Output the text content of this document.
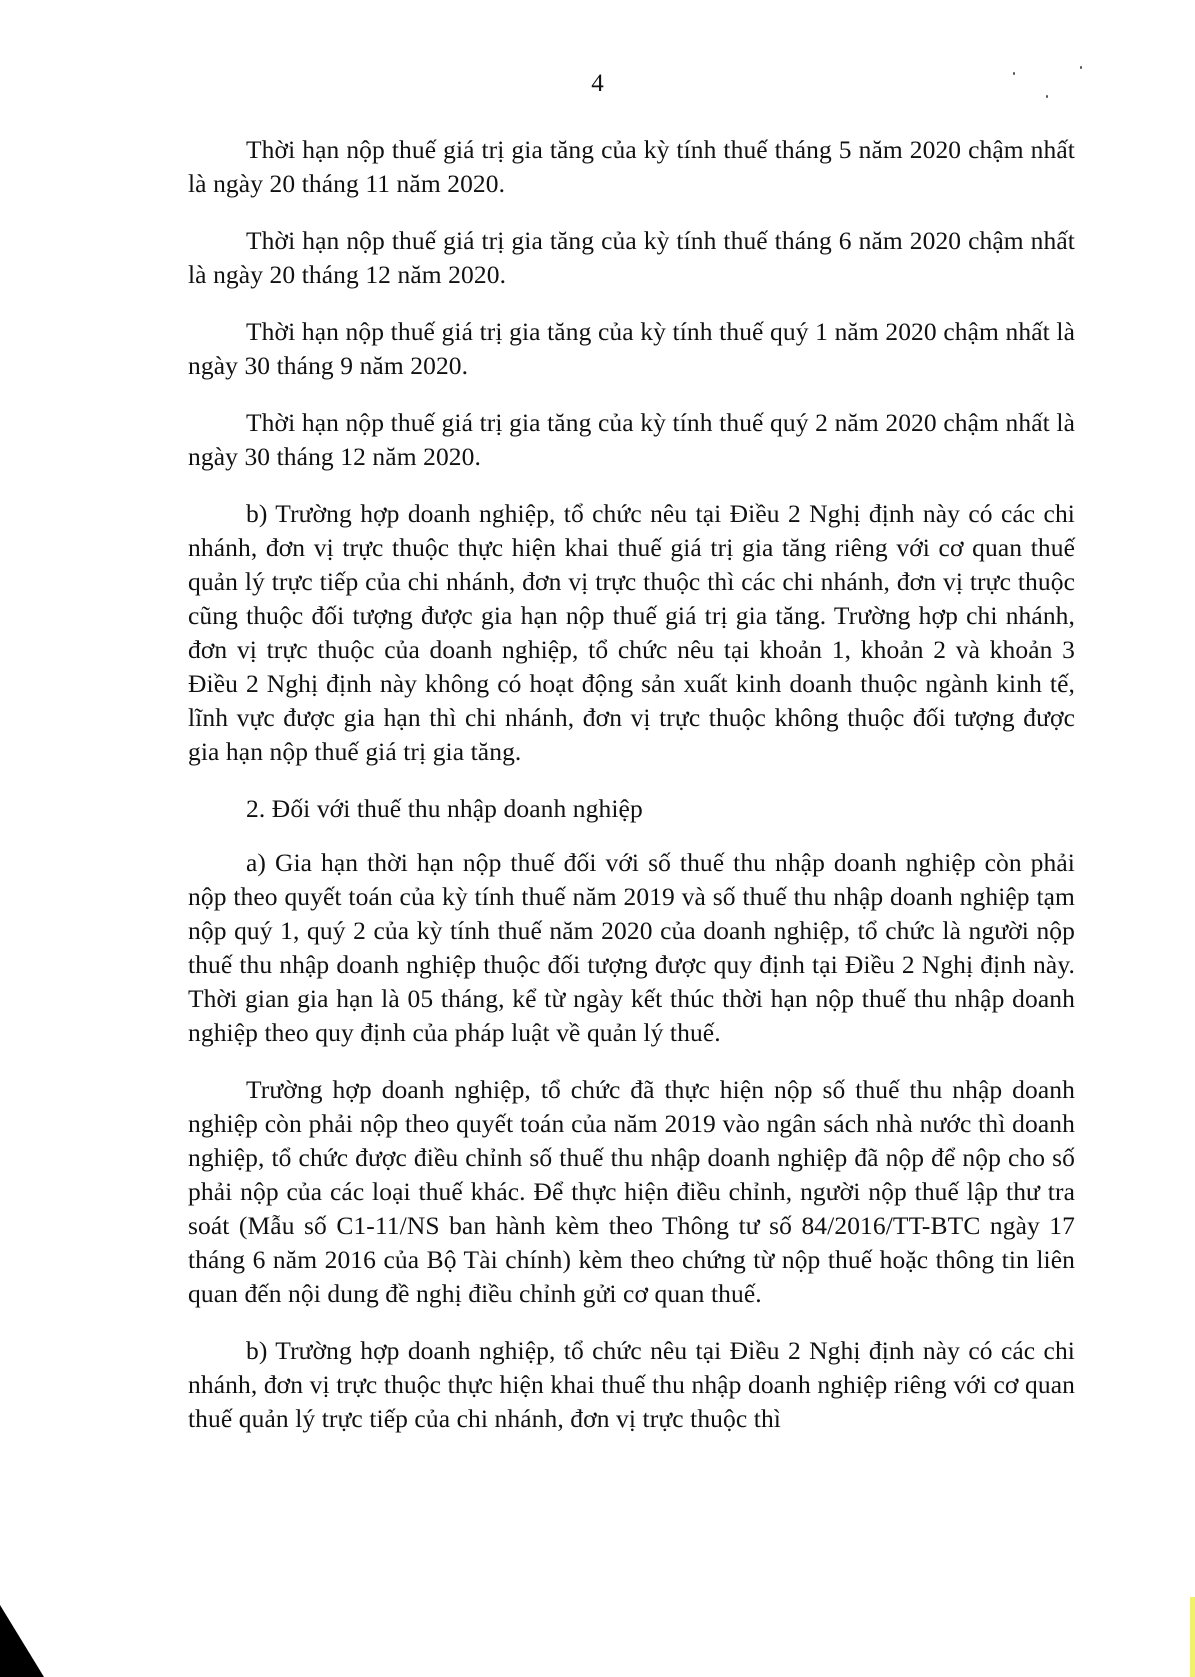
4

Thời hạn nộp thuế giá trị gia tăng của kỳ tính thuế tháng 5 năm 2020 chậm nhất là ngày 20 tháng 11 năm 2020.

Thời hạn nộp thuế giá trị gia tăng của kỳ tính thuế tháng 6 năm 2020 chậm nhất là ngày 20 tháng 12 năm 2020.

Thời hạn nộp thuế giá trị gia tăng của kỳ tính thuế quý 1 năm 2020 chậm nhất là ngày 30 tháng 9 năm 2020.

Thời hạn nộp thuế giá trị gia tăng của kỳ tính thuế quý 2 năm 2020 chậm nhất là ngày 30 tháng 12 năm 2020.

b) Trường hợp doanh nghiệp, tổ chức nêu tại Điều 2 Nghị định này có các chi nhánh, đơn vị trực thuộc thực hiện khai thuế giá trị gia tăng riêng với cơ quan thuế quản lý trực tiếp của chi nhánh, đơn vị trực thuộc thì các chi nhánh, đơn vị trực thuộc cũng thuộc đối tượng được gia hạn nộp thuế giá trị gia tăng. Trường hợp chi nhánh, đơn vị trực thuộc của doanh nghiệp, tổ chức nêu tại khoản 1, khoản 2 và khoản 3 Điều 2 Nghị định này không có hoạt động sản xuất kinh doanh thuộc ngành kinh tế, lĩnh vực được gia hạn thì chi nhánh, đơn vị trực thuộc không thuộc đối tượng được gia hạn nộp thuế giá trị gia tăng.

2. Đối với thuế thu nhập doanh nghiệp

a) Gia hạn thời hạn nộp thuế đối với số thuế thu nhập doanh nghiệp còn phải nộp theo quyết toán của kỳ tính thuế năm 2019 và số thuế thu nhập doanh nghiệp tạm nộp quý 1, quý 2 của kỳ tính thuế năm 2020 của doanh nghiệp, tổ chức là người nộp thuế thu nhập doanh nghiệp thuộc đối tượng được quy định tại Điều 2 Nghị định này. Thời gian gia hạn là 05 tháng, kể từ ngày kết thúc thời hạn nộp thuế thu nhập doanh nghiệp theo quy định của pháp luật về quản lý thuế.

Trường hợp doanh nghiệp, tổ chức đã thực hiện nộp số thuế thu nhập doanh nghiệp còn phải nộp theo quyết toán của năm 2019 vào ngân sách nhà nước thì doanh nghiệp, tổ chức được điều chỉnh số thuế thu nhập doanh nghiệp đã nộp để nộp cho số phải nộp của các loại thuế khác. Để thực hiện điều chỉnh, người nộp thuế lập thư tra soát (Mẫu số C1-11/NS ban hành kèm theo Thông tư số 84/2016/TT-BTC ngày 17 tháng 6 năm 2016 của Bộ Tài chính) kèm theo chứng từ nộp thuế hoặc thông tin liên quan đến nội dung đề nghị điều chỉnh gửi cơ quan thuế.

b) Trường hợp doanh nghiệp, tổ chức nêu tại Điều 2 Nghị định này có các chi nhánh, đơn vị trực thuộc thực hiện khai thuế thu nhập doanh nghiệp riêng với cơ quan thuế quản lý trực tiếp của chi nhánh, đơn vị trực thuộc thì
